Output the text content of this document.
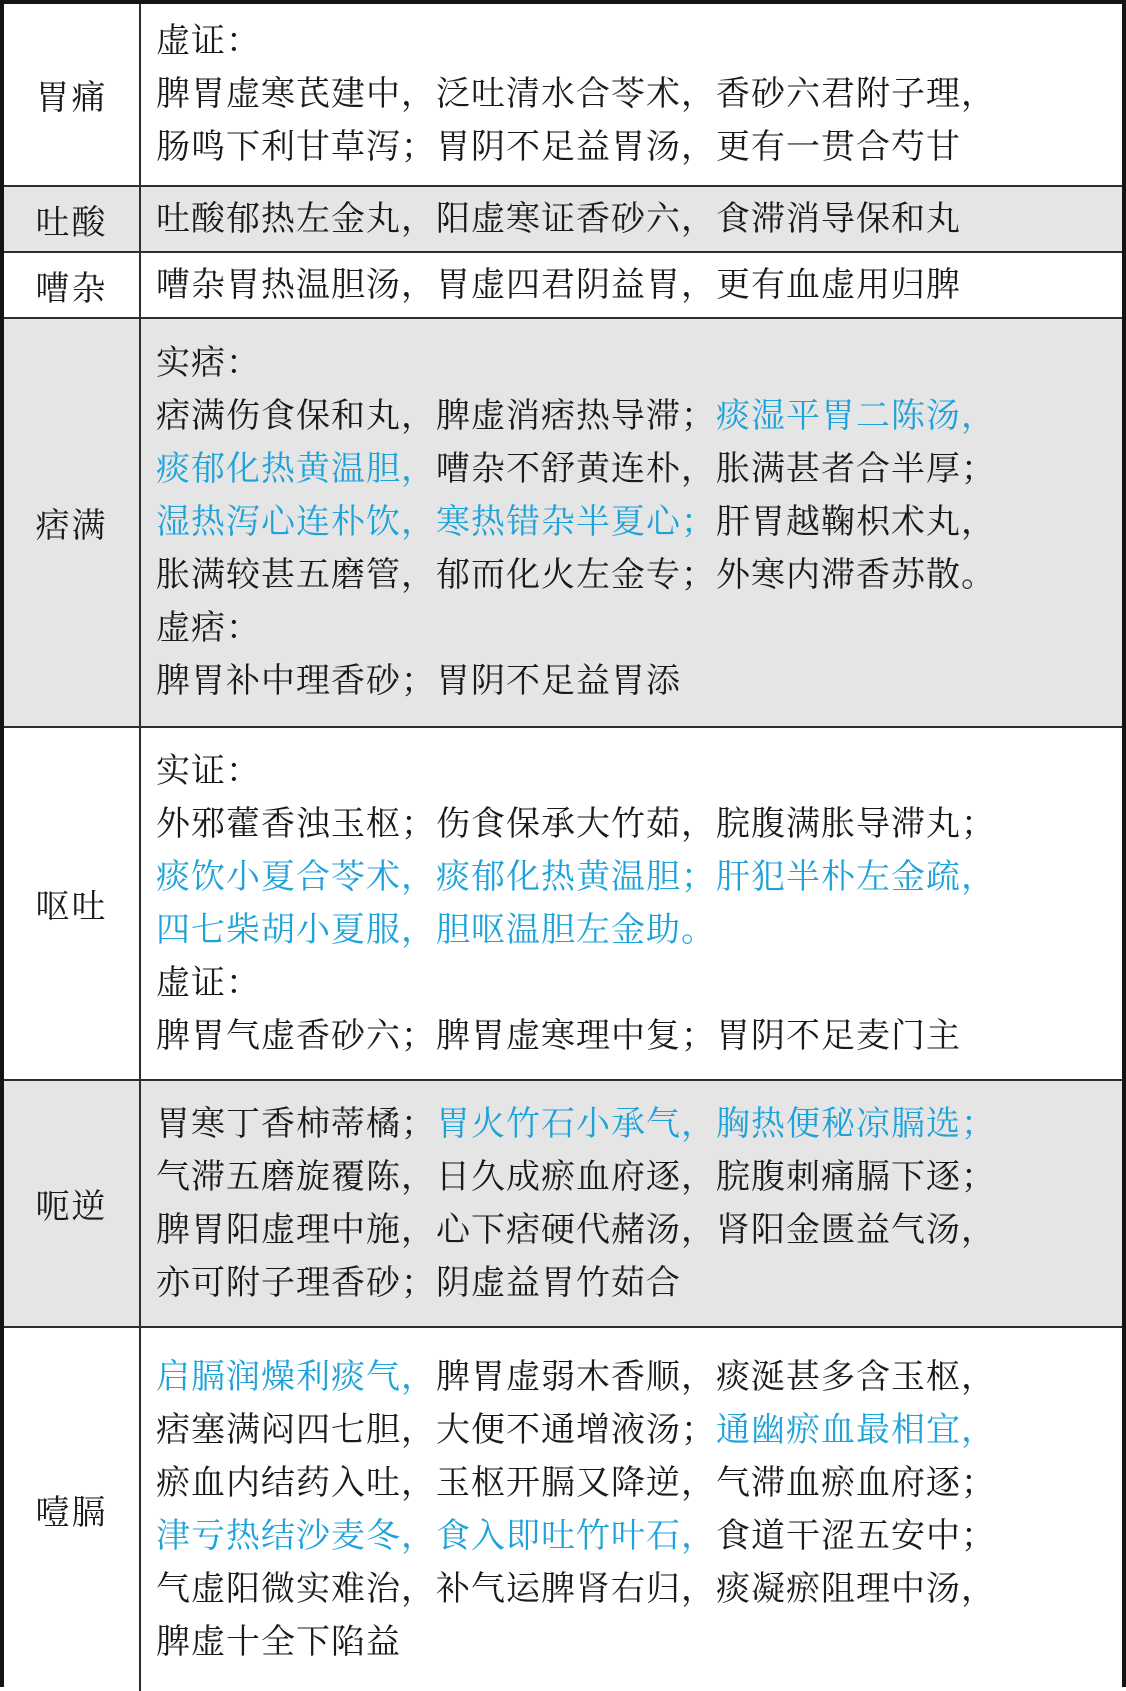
胃痛
虚证：
脾胃虚寒芪建中，泛吐清水合苓术，香砂六君附子理，
肠鸣下利甘草泻；胃阴不足益胃汤，更有一贯合芍甘
吐酸	吐酸郁热左金丸，阳虚寒证香砂六，食滞消导保和丸
嘈杂	嘈杂胃热温胆汤，胃虚四君阴益胃，更有血虚用归脾
痞满
实痞：
痞满伤食保和丸，脾虚消痞热导滞；痰湿平胃二陈汤，
痰郁化热黄温胆，嘈杂不舒黄连朴，胀满甚者合半厚；
湿热泻心连朴饮，寒热错杂半夏心；肝胃越鞠枳术丸，
胀满较甚五磨管，郁而化火左金专；外寒内滞香苏散。
虚痞：
脾胃补中理香砂；胃阴不足益胃添
呕吐
实证：
外邪藿香浊玉枢；伤食保承大竹茹，脘腹满胀导滞丸；
痰饮小夏合苓术，痰郁化热黄温胆；肝犯半朴左金疏，
四七柴胡小夏服，胆呕温胆左金助。
虚证：
脾胃气虚香砂六；脾胃虚寒理中复；胃阴不足麦门主
呃逆
胃寒丁香柿蒂橘；胃火竹石小承气，胸热便秘凉膈选；
气滞五磨旋覆陈，日久成瘀血府逐，脘腹刺痛膈下逐；
脾胃阳虚理中施，心下痞硬代赭汤，肾阳金匮益气汤，
亦可附子理香砂；阴虚益胃竹茹合
噎膈
启膈润燥利痰气，脾胃虚弱木香顺，痰涎甚多含玉枢，
痞塞满闷四七胆，大便不通增液汤；通幽瘀血最相宜，
瘀血内结药入吐，玉枢开膈又降逆，气滞血瘀血府逐；
津亏热结沙麦冬，食入即吐竹叶石，食道干涩五安中；
气虚阳微实难治，补气运脾肾右归，痰凝瘀阻理中汤，
脾虚十全下陷益
